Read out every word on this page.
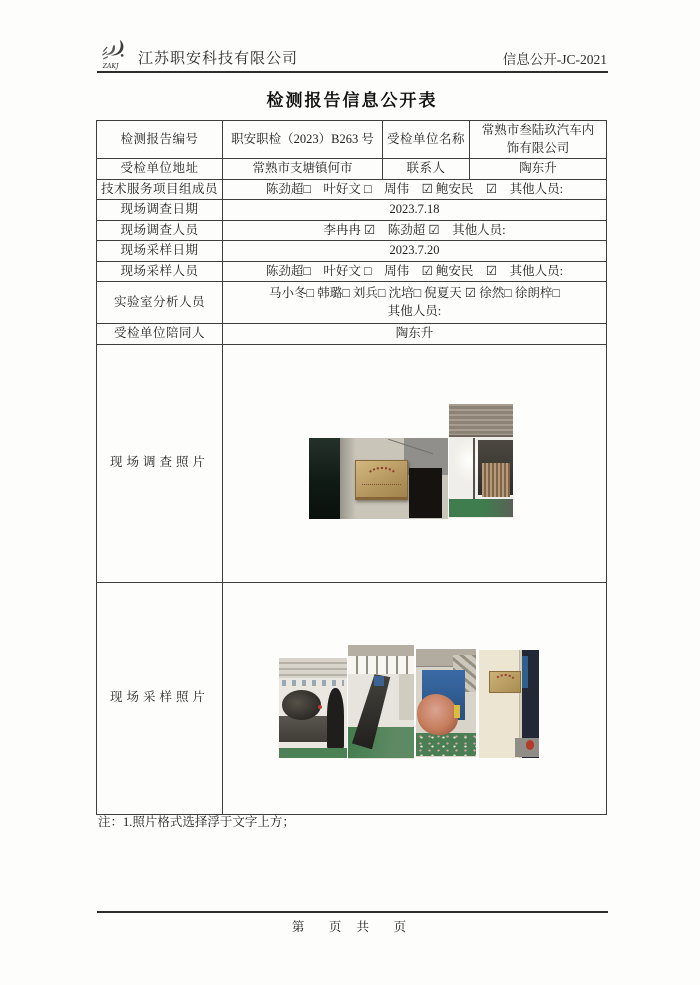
ZAKJ 江苏职安科技有限公司	信息公开-JC-2021
检测报告信息公开表
检测报告编号	职安职检（2023）B263 号	受检单位名称	常熟市叁陆玖汽车内饰有限公司
受检单位地址	常熟市支塘镇何市	联系人	陶东升
技术服务项目组成员	陈劲超□　叶好文 □　周伟　☑ 鲍安民　☑　其他人员:		
现场调查日期	2023.7.18		
现场调查人员	李冉冉 ☑　陈劲超 ☑　其他人员:		
现场采样日期	2023.7.20		
现场采样人员	陈劲超□　叶好文 □　周伟　☑ 鲍安民　☑　其他人员:		
实验室分析人员	马小冬□ 韩璐□ 刘兵□ 沈培□ 倪夏天 ☑ 徐然□ 徐朗梓□
其他人员:		

受检单位陪同人	陶东升		
现场调查照片			

现场采样照片			
注：1.照片格式选择浮于文字上方；
第　页 共　页
